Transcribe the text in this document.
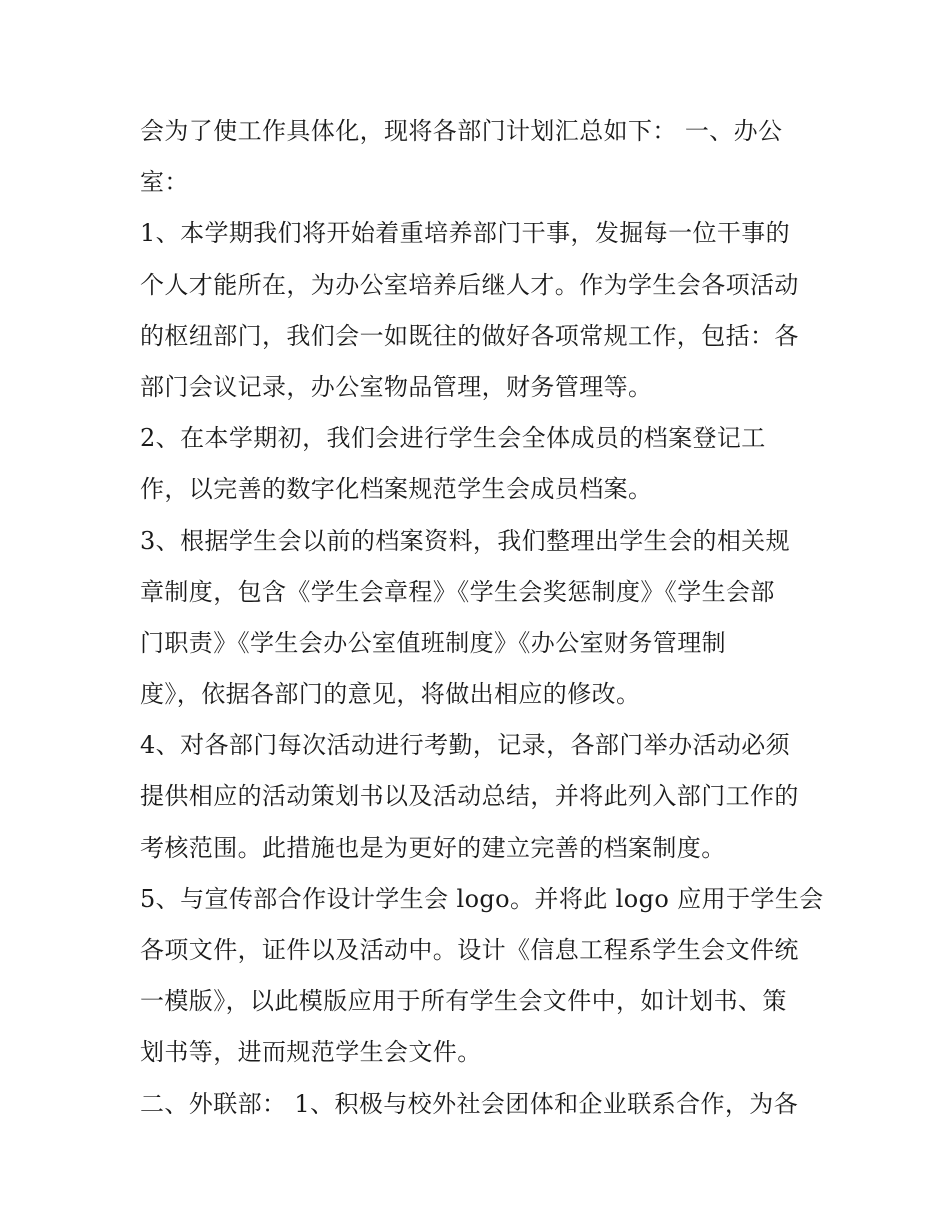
会为了使工作具体化，现将各部门计划汇总如下： 一、办公
室：
1、本学期我们将开始着重培养部门干事，发掘每一位干事的
个人才能所在，为办公室培养后继人才。作为学生会各项活动
的枢纽部门，我们会一如既往的做好各项常规工作，包括：各
部门会议记录，办公室物品管理，财务管理等。
2、在本学期初，我们会进行学生会全体成员的档案登记工
作，以完善的数字化档案规范学生会成员档案。
3、根据学生会以前的档案资料，我们整理出学生会的相关规
章制度，包含《学生会章程》《学生会奖惩制度》《学生会部
门职责》《学生会办公室值班制度》《办公室财务管理制
度》，依据各部门的意见，将做出相应的修改。
4、对各部门每次活动进行考勤，记录，各部门举办活动必须
提供相应的活动策划书以及活动总结，并将此列入部门工作的
考核范围。此措施也是为更好的建立完善的档案制度。
5、与宣传部合作设计学生会 logo。并将此 logo 应用于学生会
各项文件，证件以及活动中。设计《信息工程系学生会文件统
一模版》，以此模版应用于所有学生会文件中，如计划书、策
划书等，进而规范学生会文件。
二、外联部： 1、积极与校外社会团体和企业联系合作，为各
